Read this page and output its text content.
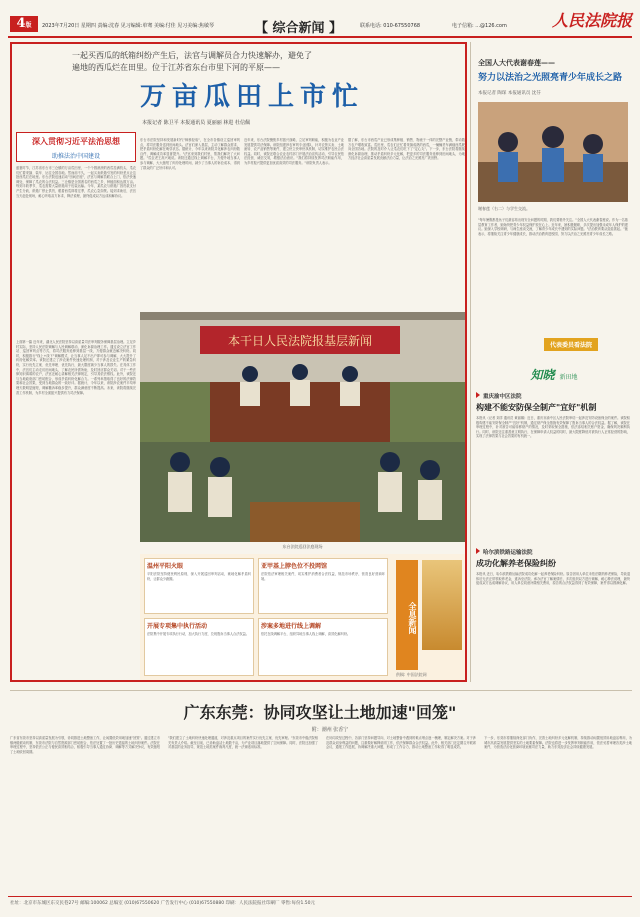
4版	2023年7月20日 星期四 责编:沈春 见习编辑:单骞 美编:付佳 见习美编:焦敏琴	【 综合新闻 】	联系电话: 010-67550768	电子信箱: ...@126.com	人民法院报
一起买西瓜的纸箱纠纷产生后，法官与调解员合力快速解办，避免了
遍地的西瓜烂在田里。位于江苏省东台市里下河的平原——
万亩瓜田上市忙
本报记者 陈卫平 本报通讯员 夏丽丽 林进 杜信佩
深入贯彻习近平法治思想
助推法治中国建设
盛夏时节，江苏省东台市三仓镇的万亩瓜田里，一个个圆滚滚的西瓜挂满枝头，瓜农们忙着采摘、装车、运往全国各地。然而前不久，一起买卖纸箱引发的纠纷差点让这批西瓜烂在地里。东台法院迅速启动"田间法庭"，法官与调解员联合上门，依法快速调处，保障了瓜农的合法权益。三仓镇是全国著名的西瓜之乡，种植面积达数万亩。每到丰收季节，瓜农需要大量纸箱用于包装运输。今年，某瓜农与纸箱厂因货款支付产生分歧，纸箱厂停止供货，眼看西瓜即将过季，瓜农心急如焚。接到求助后，法官当天赶赴现场，耐心听取双方诉求，释法说理，最终促成双方达成和解协议。
东台市法院坚持和发展新时代"枫桥经验"，在全市各镇设立巡回审判点，将司法服务送到田间地头。法官们深入基层，主动了解群众需求，把矛盾纠纷化解在萌芽状态。据统计，今年以来该院共化解涉农纠纷数百件，调解成功率显著提升。"法官来到我们村里，帮我们解决了大问题。"瓜农老王高兴地说。该院还通过线上调解平台，方便外地当事人参与调解，大大缩短了纠纷处理时间，减少了当事人的诉讼成本，得到了群众的广泛好评和认可。
近年来，东台法院聚焦乡村振兴战略，立足审判职能，积极为农业产业发展提供司法保障。该院组建涉农审判专业团队，针对农资买卖、土地流转、农产品销售等案件，建立快立快审快执机制，切实维护农民合法权益。同时，该院还联合农业农村部门开展法治宣传活动，引导农民依法经营、诚信交易，增强法治意识。"我们将持续发挥司法职能作用，为乡村振兴提供更加优质高效的司法服务。"该院负责人表示。
据了解，东台市西瓜产业已形成集种植、销售、物流于一体的完整产业链，带动数万农户增收致富。瓜田里，瓜农们正忙着采摘成熟的西瓜，一辆辆货车满载西瓜驶向全国各地。法院的及时介入让瓜农们吃下了"定心丸"。下一步，东台法院将继续深化诉源治理，推动矛盾纠纷多元化解，把更多的司法服务延伸到田间地头，为地方经济社会高质量发展贡献法治力量，让法治之光照亮广袤田野。
本干日人民法院报基层新闻
东台法院巡回法庭现场
上面第一篇 近年来，湖北人民法院坚持以高质量司法审判服务保障基层治理。立足乡村实际，坚持人民法院调解与人民调解联动，深化诉源治理工作。通过设立法官工作站、巡回审判点等方式，将司法服务延伸到基层一线，方便群众就近解决纠纷。同时，积极推行"线上+线下"调解模式，让当事人足不出户即可参与调解，大大提升了纠纷化解效率。该院还建立了涉农案件快速处理机制，对于涉及农业生产的紧急纠纷，实行优先立案、优先审理、优先执行，最大限度减少当事人的损失。在具体工作中，法官们主动走访田间地头，了解农民所需所盼，及时回应群众关切。对于一些法律知识薄弱的农户，法官还耐心讲解相关法律规定，引导其依法维权。此外，该院还与当地政府部门密切配合，形成矛盾纠纷化解合力。一系列举措取得了良好的法律效果和社会效果，受到当地群众的一致好评。据统计，今年以来，该院涉农案件平均审理天数明显缩短，调解撤诉率稳步提升，群众满意度不断提高。未来，该院将继续完善工作机制，为乡村全面振兴提供有力司法保障。
温州平阳火眼
平阳法院坚持便民利民原则，深入开展巡回审判活动，就地化解矛盾纠纷，让群众少跑腿。
亚甲基上脖色位不投网馆
法院依法审理相关案件，切实维护消费者合法权益，规范市场秩序，营造良好营商环境。
开展专项集中执行活动
法院集中开展专项执行行动，加大执行力度，兑现胜诉当事人合法权益。
涉案多地进行线上调解
依托在线调解平台，组织异地当事人线上调解，高效化解纠纷。	全息新闻
供稿: 中国法院网
全国人大代表谢春莲——
努力以法治之光照亮青少年成长之路
本报记者 陶琛 本报通讯员 沈芬
谢春莲（右二）与学生交流。
"每年暑假都是孩子们最容易出现安全问题的时期，我们要格外关注。"全国人大代表谢春莲说。作为一名基层教育工作者，她始终把青少年权益保护放在心上。近年来，她积极履职，多次提出加强未成年人保护的建议。她深入学校调研，与师生座谈交流，了解青少年成长中遇到的实际问题。"法治教育要从娃娃抓起。"她表示，将继续关注青少年健康成长，推动法治教育进校园，努力以法治之光照亮青少年成长之路。
代表委员看法院
知晓 新田地
重庆渝中区法院
构建不能安防保全制产"宜好"机制
本报讯（记者 刘洋 通讯员 黄丽娜）近日，重庆市渝中区人民法院审结一起涉及安防设备保全的案件。该院积极构建不能安防保全制产"宜好"机制，通过财产保全措施有效保障了胜诉当事人的合法权益。据了解，该院在审理过程中，针对被告可能转移财产的情况，及时采取保全措施，依法冻结相关账户资金，确保判决顺利执行。同时，该院还注重善意文明执行，在保障申请人权益的同时，最大限度降低对被执行人正常经营的影响，实现了法律效果与社会效果的有机统一。
哈尔滨铁路运输法院
成功化解养老保险纠纷
本报讯 近日，哈尔滨铁路运输法院成功化解一起养老保险纠纷。原告因用人单位未依法缴纳养老保险，导致退休后无法正常领取养老金，遂诉至法院。承办法官了解案情后，多次组织双方进行调解，耐心释法说理，最终促成双方达成调解协议，用人单位同意补缴相关费用，原告的合法权益得到了有效保障，案件得以圆满化解。
广东东莞：协同攻坚让土地加速"回笼"
附：潮州 张香宁
广东省东莞市坚持以高质量发展为引领，协同推进土地整备工作，让闲置低效用地加速"回笼"。通过建立市镇两级联动机制，东莞市法院与自然资源部门密切配合，依法处置了一批历史遗留的土地纠纷案件。法院在审理过程中，坚持依法公正与便民高效相结合，积极引导当事人通过协商、调解等方式解决争议，有效缩短了土地收回周期。
"我们建立了土地纠纷快速处理通道，对涉及重点项目的案件实行优先立案、优先审理。"东莞市中级法院相关负责人介绍。截至目前，已协助盘活土地数千亩，为产业项目落地提供了空间保障。同时，法院还加强了对基层的业务指导，规范土地类案件裁判尺度，统一法律适用标准。
在协同攻坚过程中，各部门坚持问题导向，对土地整备中遇到的难点堵点逐一梳理，制定解决方案。对于涉及群众切身利益的问题，注重做好解释说明工作，依法保障群众合法权益。此外，相关部门还定期召开联席会议，通报工作进展，协调解决重大问题，形成了工作合力，推动土地整备工作取得了明显成效。
下一步，东莞市将继续深化部门协作，完善土地纠纷多元化解机制，持续推动闲置低效用地盘活利用，为城市高质量发展提供坚实的土地要素保障。法院也将进一步发挥审判职能作用，依法妥善审理各类涉土地案件，为营造法治化营商环境贡献司法力量，助力东莞经济社会持续健康发展。
社址：北京市东城区东交民巷27号 邮编:100062 总编室 (010)67550620 广告发行中心 (010)67550880 印刷：人民法院报社印刷厂 零售:每份1.50元
